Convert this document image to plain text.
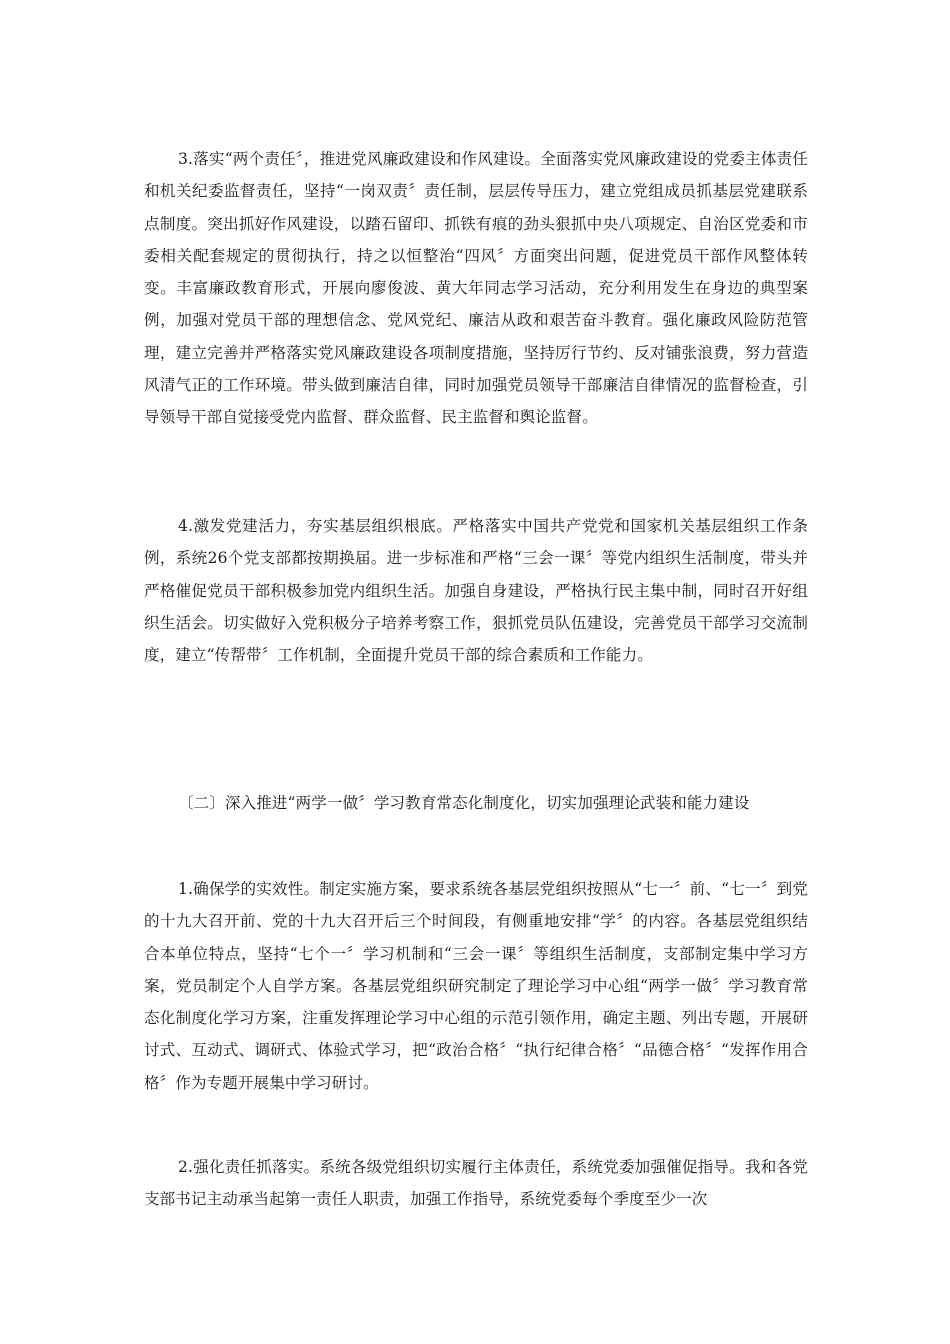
3.落实“两个责任〞，推进党风廉政建设和作风建设。全面落实党风廉政建设的党委主体责任和机关纪委监督责任，坚持“一岗双责〞责任制，层层传导压力，建立党组成员抓基层党建联系点制度。突出抓好作风建设，以踏石留印、抓铁有痕的劲头狠抓中央八项规定、自治区党委和市委相关配套规定的贯彻执行，持之以恒整治“四风〞方面突出问题，促进党员干部作风整体转变。丰富廉政教育形式，开展向廖俊波、黄大年同志学习活动，充分利用发生在身边的典型案例，加强对党员干部的理想信念、党风党纪、廉洁从政和艰苦奋斗教育。强化廉政风险防范管理，建立完善并严格落实党风廉政建设各项制度措施，坚持厉行节约、反对铺张浪费，努力营造风清气正的工作环境。带头做到廉洁自律，同时加强党员领导干部廉洁自律情况的监督检查，引导领导干部自觉接受党内监督、群众监督、民主监督和舆论监督。

4.激发党建活力，夯实基层组织根底。严格落实中国共产党党和国家机关基层组织工作条例，系统26个党支部都按期换届。进一步标准和严格“三会一课〞等党内组织生活制度，带头并严格催促党员干部积极参加党内组织生活。加强自身建设，严格执行民主集中制，同时召开好组织生活会。切实做好入党积极分子培养考察工作，狠抓党员队伍建设，完善党员干部学习交流制度，建立“传帮带〞工作机制，全面提升党员干部的综合素质和工作能力。

〔二〕深入推进“两学一做〞学习教育常态化制度化，切实加强理论武装和能力建设

1.确保学的实效性。制定实施方案，要求系统各基层党组织按照从“七一〞前、“七一〞到党的十九大召开前、党的十九大召开后三个时间段，有侧重地安排“学〞的内容。各基层党组织结合本单位特点，坚持“七个一〞学习机制和“三会一课〞等组织生活制度，支部制定集中学习方案，党员制定个人自学方案。各基层党组织研究制定了理论学习中心组“两学一做〞学习教育常态化制度化学习方案，注重发挥理论学习中心组的示范引领作用，确定主题、列出专题，开展研讨式、互动式、调研式、体验式学习，把“政治合格〞“执行纪律合格〞“品德合格〞“发挥作用合格〞作为专题开展集中学习研讨。

2.强化责任抓落实。系统各级党组织切实履行主体责任，系统党委加强催促指导。我和各党支部书记主动承当起第一责任人职责，加强工作指导，系统党委每个季度至少一次
